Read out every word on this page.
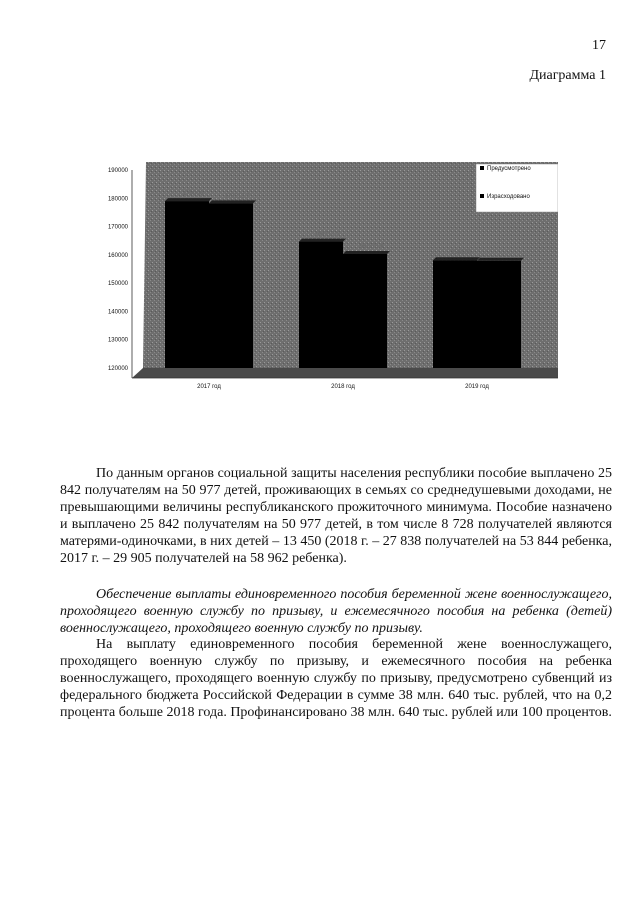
17
Диаграмма 1
190000
180000
170000
160000
150000
140000
130000
120000
179000	178212,7
164712,5
160378,4
158100
2017 год	2018 год	2019 год
Предусмотрено
Израсходовано

По данным органов социальной защиты населения республики пособие выплачено 25 842 получателям на 50 977 детей, проживающих в семьях со среднедушевыми доходами, не превышающими величины республиканского прожиточного минимума. Пособие назначено и выплачено 25 842 получателям на 50 977 детей, в том числе 8 728 получателей являются матерями-одиночками, в них детей – 13 450 (2018 г. – 27 838 получателей на 53 844 ребенка, 2017 г. – 29 905 получателей на 58 962 ребенка).

Обеспечение выплаты единовременного пособия беременной жене военнослужащего, проходящего военную службу по призыву, и ежемесячного пособия на ребенка (детей) военнослужащего, проходящего военную службу по призыву.

На выплату единовременного пособия беременной жене военнослужащего, проходящего военную службу по призыву, и ежемесячного пособия на ребенка военнослужащего, проходящего военную службу по призыву, предусмотрено субвенций из федерального бюджета Российской Федерации в сумме 38 млн. 640 тыс. рублей, что на 0,2 процента больше 2018 года. Профинансировано 38 млн. 640 тыс. рублей или 100 процентов.
